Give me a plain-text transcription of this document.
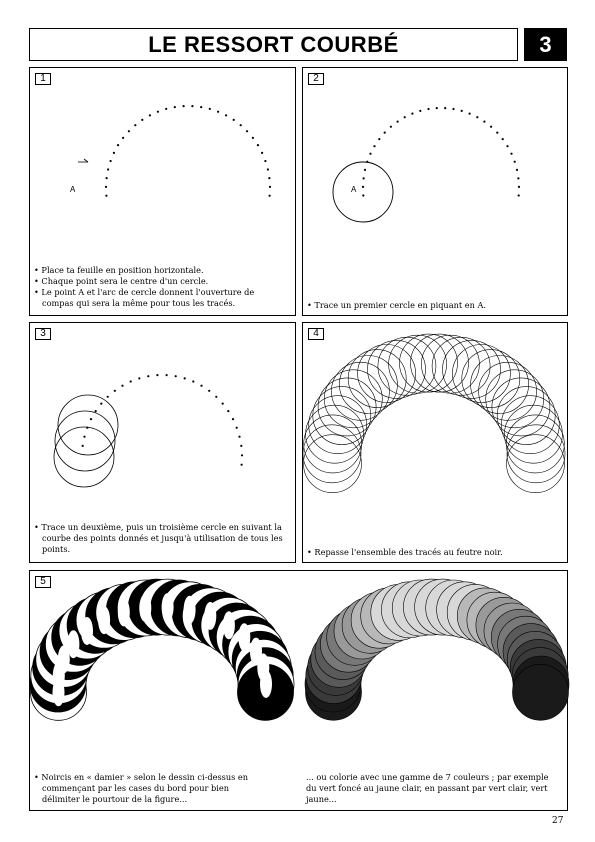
LE RESSORT COURBÉ	3
1
A

• Place ta feuille en position horizontale.

• Chaque point sera le centre d'un cercle.

• Le point A et l'arc de cercle donnent l'ouverture de compas qui sera la même pour tous les tracés.

2
A

• Trace un premier cercle en piquant en A.

3

• Trace un deuxième, puis un troisième cercle en suivant la courbe des points donnés et jusqu'à utilisation de tous les points.

4

• Repasse l'ensemble des tracés au feutre noir.

5

• Noircis en « damier » selon le dessin ci-dessus en commençant par les cases du bord pour bien délimiter le pourtour de la figure...

... ou colorie avec une gamme de 7 couleurs ; par exemple du vert foncé au jaune clair, en passant par vert clair, vert jaune...

27
